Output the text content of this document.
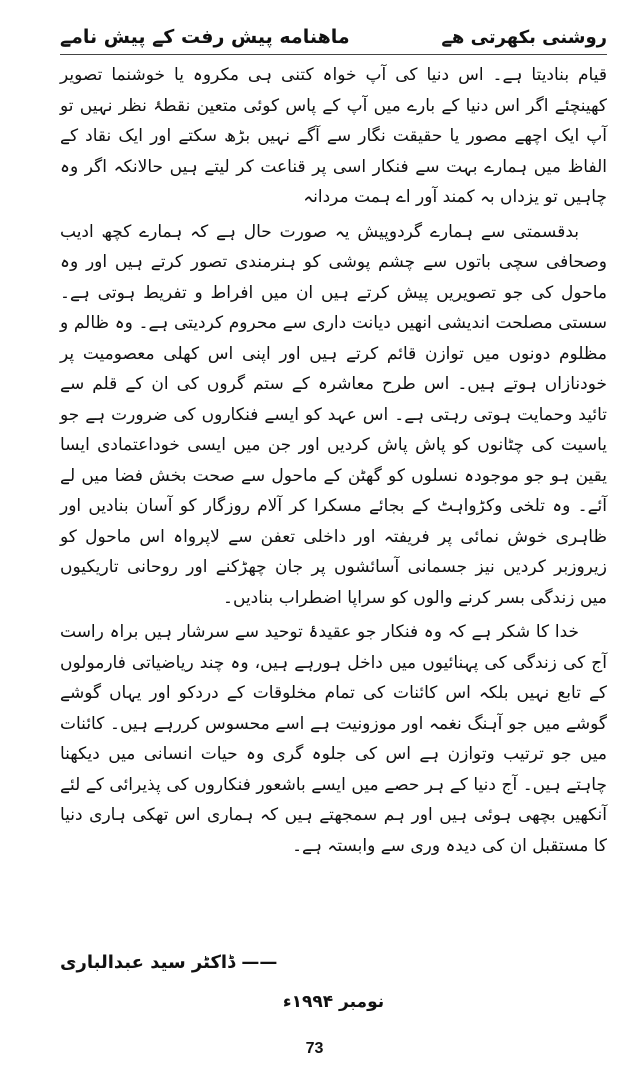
روشنی بکھرتی هے
ماهنامه پیش رفت کے پیش نامے

قیام بنادیتا ہے۔ اس دنیا کی آپ خواہ کتنی ہی مکروہ یا خوشنما تصویر کھینچئے اگر اس دنیا کے بارے میں آپ کے پاس کوئی متعین نقطۂ نظر نہیں تو آپ ایک اچھے مصور یا حقیقت نگار سے آگے نہیں بڑھ سکتے اور ایک نقاد کے الفاظ میں ہمارے بہت سے فنکار اسی پر قناعت کر لیتے ہیں حالانکہ اگر وہ چاہیں تو یزداں بہ کمند آور اے ہمت مردانہ

بدقسمتی سے ہمارے گردوپیش یہ صورت حال ہے کہ ہمارے کچھ ادیب وصحافی سچی باتوں سے چشم پوشی کو ہنرمندی تصور کرتے ہیں اور وہ ماحول کی جو تصویریں پیش کرتے ہیں ان میں افراط و تفریط ہوتی ہے۔ سستی مصلحت اندیشی انھیں دیانت داری سے محروم کردیتی ہے۔ وہ ظالم و مظلوم دونوں میں توازن قائم کرتے ہیں اور اپنی اس کھلی معصومیت پر خودنازاں ہوتے ہیں۔ اس طرح معاشرہ کے ستم گروں کی ان کے قلم سے تائید وحمایت ہوتی رہتی ہے۔ اس عہد کو ایسے فنکاروں کی ضرورت ہے جو یاسیت کی چٹانوں کو پاش پاش کردیں اور جن میں ایسی خوداعتمادی ایسا یقین ہو جو موجودہ نسلوں کو گھٹن کے ماحول سے صحت بخش فضا میں لے آئے۔ وہ تلخی وکڑواہٹ کے بجائے مسکرا کر آلام روزگار کو آسان بنادیں اور ظاہری خوش نمائی پر فریفتہ اور داخلی تعفن سے لاپرواہ اس ماحول کو زیروزبر کردیں نیز جسمانی آسائشوں پر جان چھڑکنے اور روحانی تاریکیوں میں زندگی بسر کرنے والوں کو سراپا اضطراب بنادیں۔

خدا کا شکر ہے کہ وہ فنکار جو عقیدۂ توحید سے سرشار ہیں براہ راست آج کی زندگی کی پہنائیوں میں داخل ہورہے ہیں، وہ چند ریاضیاتی فارمولوں کے تابع نہیں بلکہ اس کائنات کی تمام مخلوقات کے دردکو اور یہاں گوشے گوشے میں جو آہنگ نغمہ اور موزونیت ہے اسے محسوس کررہے ہیں۔ کائنات میں جو ترتیب وتوازن ہے اس کی جلوہ گری وہ حیات انسانی میں دیکھنا چاہتے ہیں۔ آج دنیا کے ہر حصے میں ایسے باشعور فنکاروں کی پذیرائی کے لئے آنکھیں بچھی ہوئی ہیں اور ہم سمجھتے ہیں کہ ہماری اس تھکی ہاری دنیا کا مستقبل ان کی دیدہ وری سے وابستہ ہے۔

—— ڈاکٹر سید عبدالباری
نومبر ۱۹۹۴ء
73
